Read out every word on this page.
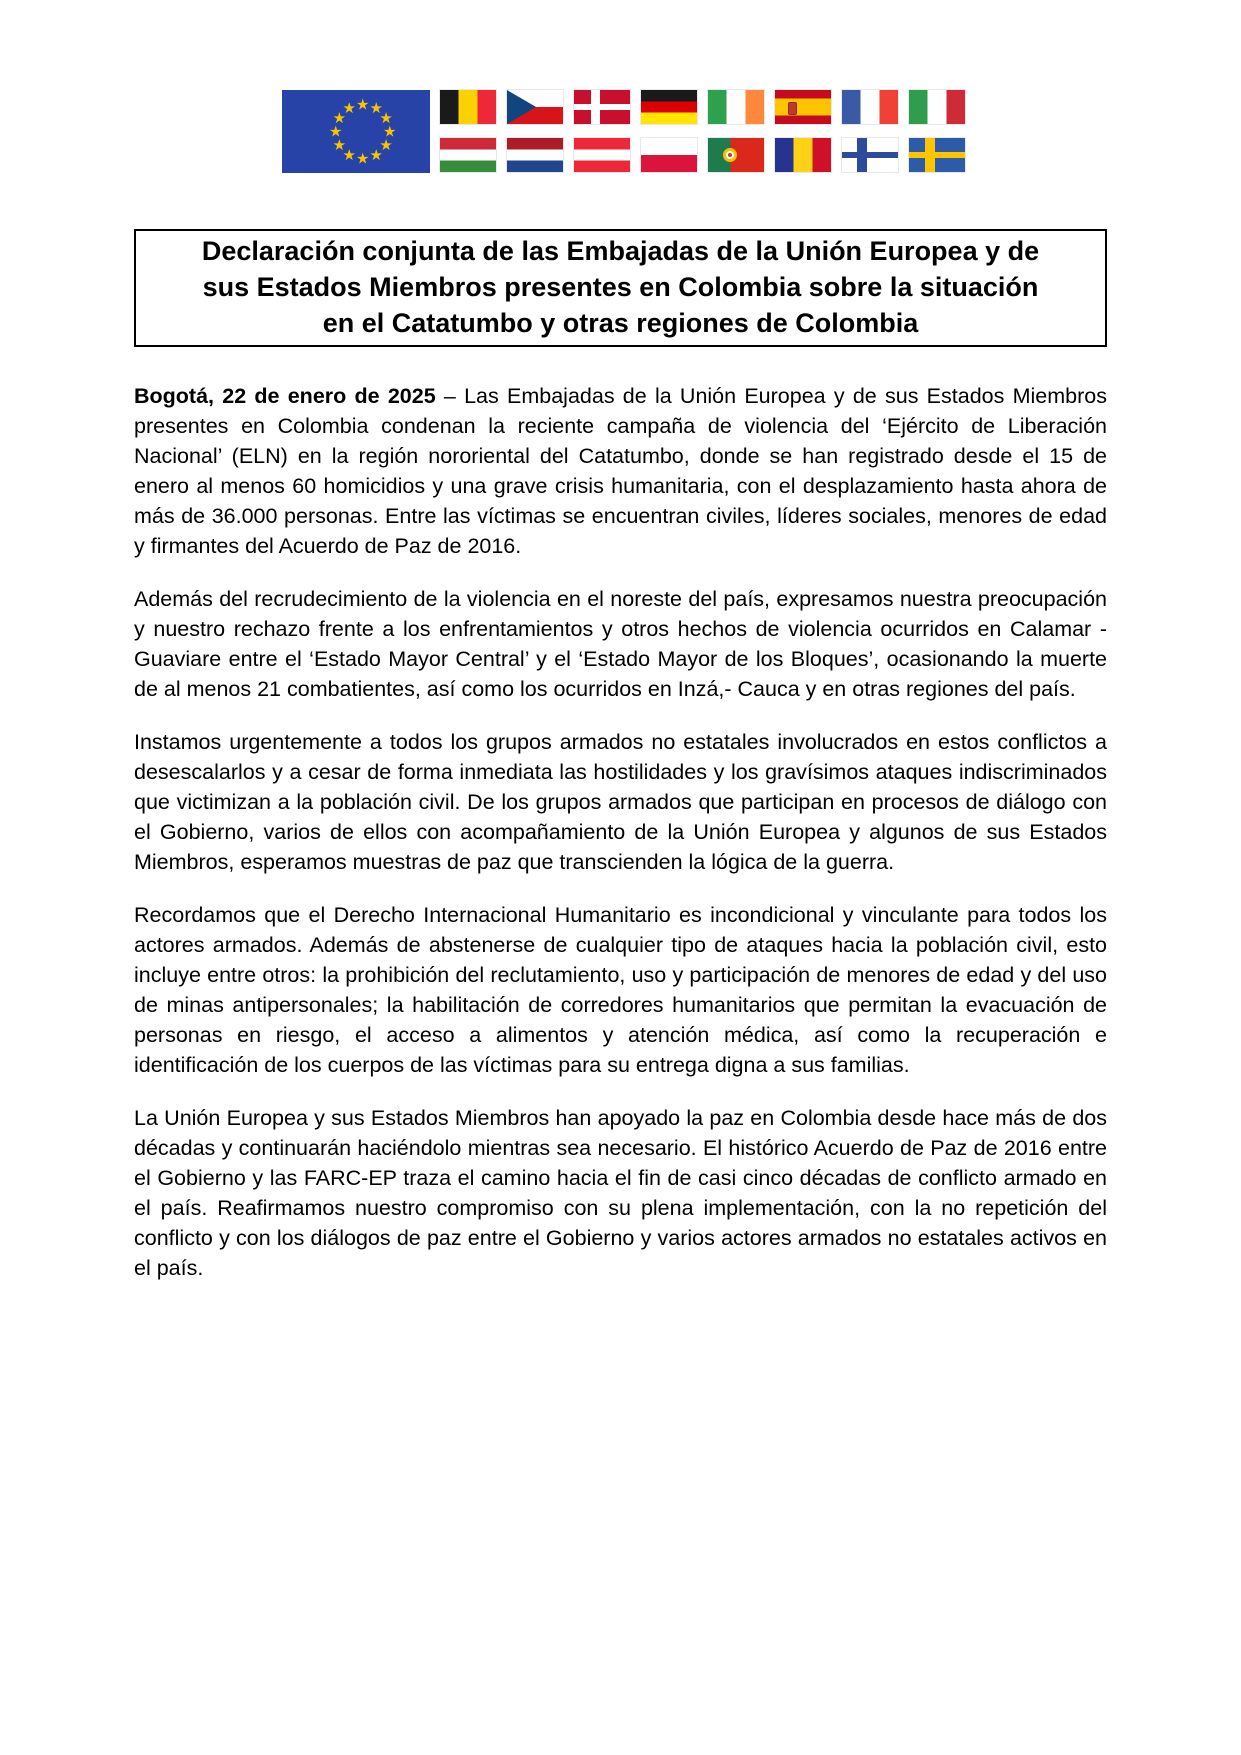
Declaración conjunta de las Embajadas de la Unión Europea y de
sus Estados Miembros presentes en Colombia sobre la situación
en el Catatumbo y otras regiones de Colombia

Bogotá, 22 de enero de 2025 – Las Embajadas de la Unión Europea y de sus Estados Miembros presentes en Colombia condenan la reciente campaña de violencia del ‘Ejército de Liberación Nacional’ (ELN) en la región nororiental del Catatumbo, donde se han registrado desde el 15 de enero al menos 60 homicidios y una grave crisis humanitaria, con el desplazamiento hasta ahora de más de 36.000 personas. Entre las víctimas se encuentran civiles, líderes sociales, menores de edad y firmantes del Acuerdo de Paz de 2016.

Además del recrudecimiento de la violencia en el noreste del país, expresamos nuestra preocupación y nuestro rechazo frente a los enfrentamientos y otros hechos de violencia ocurridos en Calamar - Guaviare entre el ‘Estado Mayor Central’ y el ‘Estado Mayor de los Bloques’, ocasionando la muerte de al menos 21 combatientes, así como los ocurridos en Inzá,- Cauca y en otras regiones del país.

Instamos urgentemente a todos los grupos armados no estatales involucrados en estos conflictos a desescalarlos y a cesar de forma inmediata las hostilidades y los gravísimos ataques indiscriminados que victimizan a la población civil. De los grupos armados que participan en procesos de diálogo con el Gobierno, varios de ellos con acompañamiento de la Unión Europea y algunos de sus Estados Miembros, esperamos muestras de paz que transcienden la lógica de la guerra.

Recordamos que el Derecho Internacional Humanitario es incondicional y vinculante para todos los actores armados. Además de abstenerse de cualquier tipo de ataques hacia la población civil, esto incluye entre otros: la prohibición del reclutamiento, uso y participación de menores de edad y del uso de minas antipersonales; la habilitación de corredores humanitarios que permitan la evacuación de personas en riesgo, el acceso a alimentos y atención médica, así como la recuperación e identificación de los cuerpos de las víctimas para su entrega digna a sus familias.

La Unión Europea y sus Estados Miembros han apoyado la paz en Colombia desde hace más de dos décadas y continuarán haciéndolo mientras sea necesario. El histórico Acuerdo de Paz de 2016 entre el Gobierno y las FARC-EP traza el camino hacia el fin de casi cinco décadas de conflicto armado en el país. Reafirmamos nuestro compromiso con su plena implementación, con la no repetición del conflicto y con los diálogos de paz entre el Gobierno y varios actores armados no estatales activos en el país.
